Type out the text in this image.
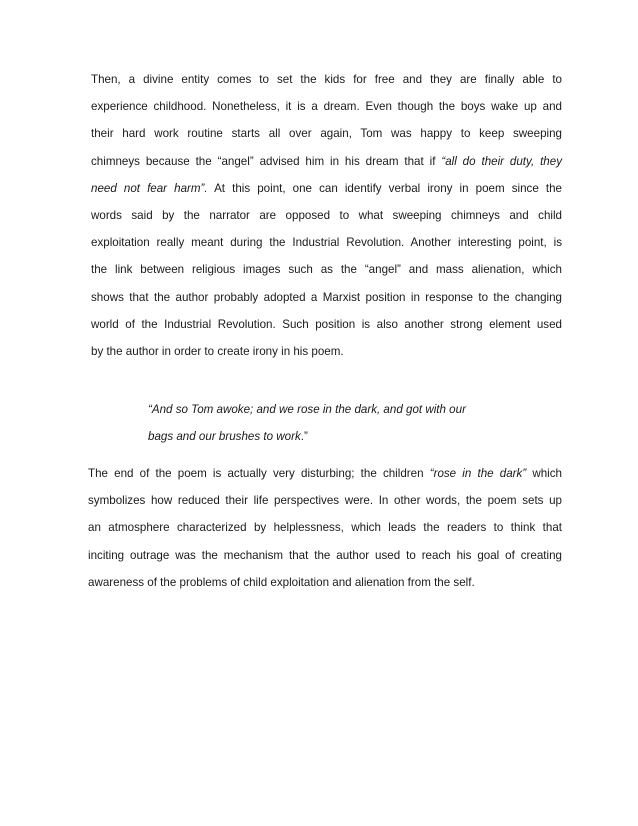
Then, a divine entity comes to set the kids for free and they are finally able to
experience childhood. Nonetheless, it is a dream. Even though the boys wake up and
their hard work routine starts all over again, Tom was happy to keep sweeping
chimneys because the “angel” advised him in his dream that if “all do their duty, they
need not fear harm”. At this point, one can identify verbal irony in poem since the
words said by the narrator are opposed to what sweeping chimneys and child
exploitation really meant during the Industrial Revolution. Another interesting point, is
the link between religious images such as the “angel” and mass alienation, which
shows that the author probably adopted a Marxist position in response to the changing
world of the Industrial Revolution. Such position is also another strong element used
by the author in order to create irony in his poem.
“And so Tom awoke; and we rose in the dark, and got with our
bags and our brushes to work.”
The end of the poem is actually very disturbing; the children “rose in the dark” which
symbolizes how reduced their life perspectives were. In other words, the poem sets up
an atmosphere characterized by helplessness, which leads the readers to think that
inciting outrage was the mechanism that the author used to reach his goal of creating
awareness of the problems of child exploitation and alienation from the self.
